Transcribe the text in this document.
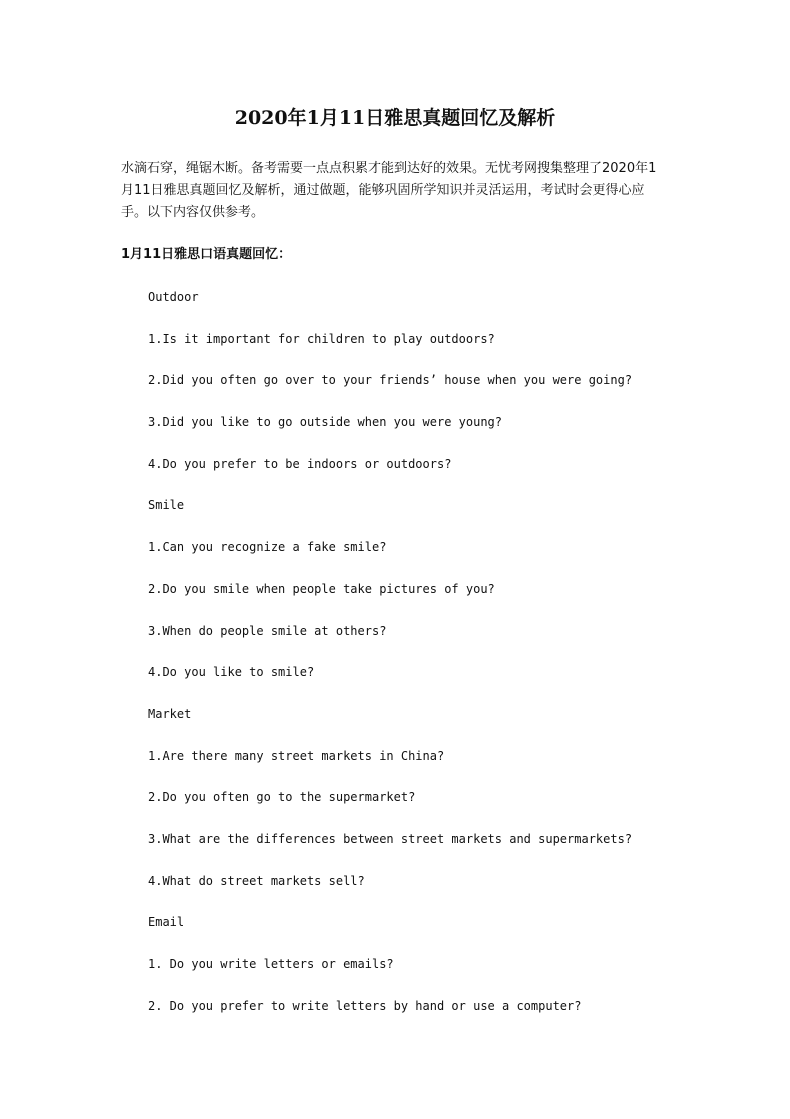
2020年1月11日雅思真题回忆及解析
水滴石穿，绳锯木断。备考需要一点点积累才能到达好的效果。无忧考网搜集整理了2020年1月11日雅思真题回忆及解析，通过做题，能够巩固所学知识并灵活运用，考试时会更得心应手。以下内容仅供参考。
1月11日雅思口语真题回忆：
Outdoor
1.Is it important for children to play outdoors?
2.Did you often go over to your friends’ house when you were going?
3.Did you like to go outside when you were young?
4.Do you prefer to be indoors or outdoors?
Smile
1.Can you recognize a fake smile?
2.Do you smile when people take pictures of you?
3.When do people smile at others?
4.Do you like to smile?
Market
1.Are there many street markets in China?
2.Do you often go to the supermarket?
3.What are the differences between street markets and supermarkets?
4.What do street markets sell?
Email
1. Do you write letters or emails?
2. Do you prefer to write letters by hand or use a computer?
